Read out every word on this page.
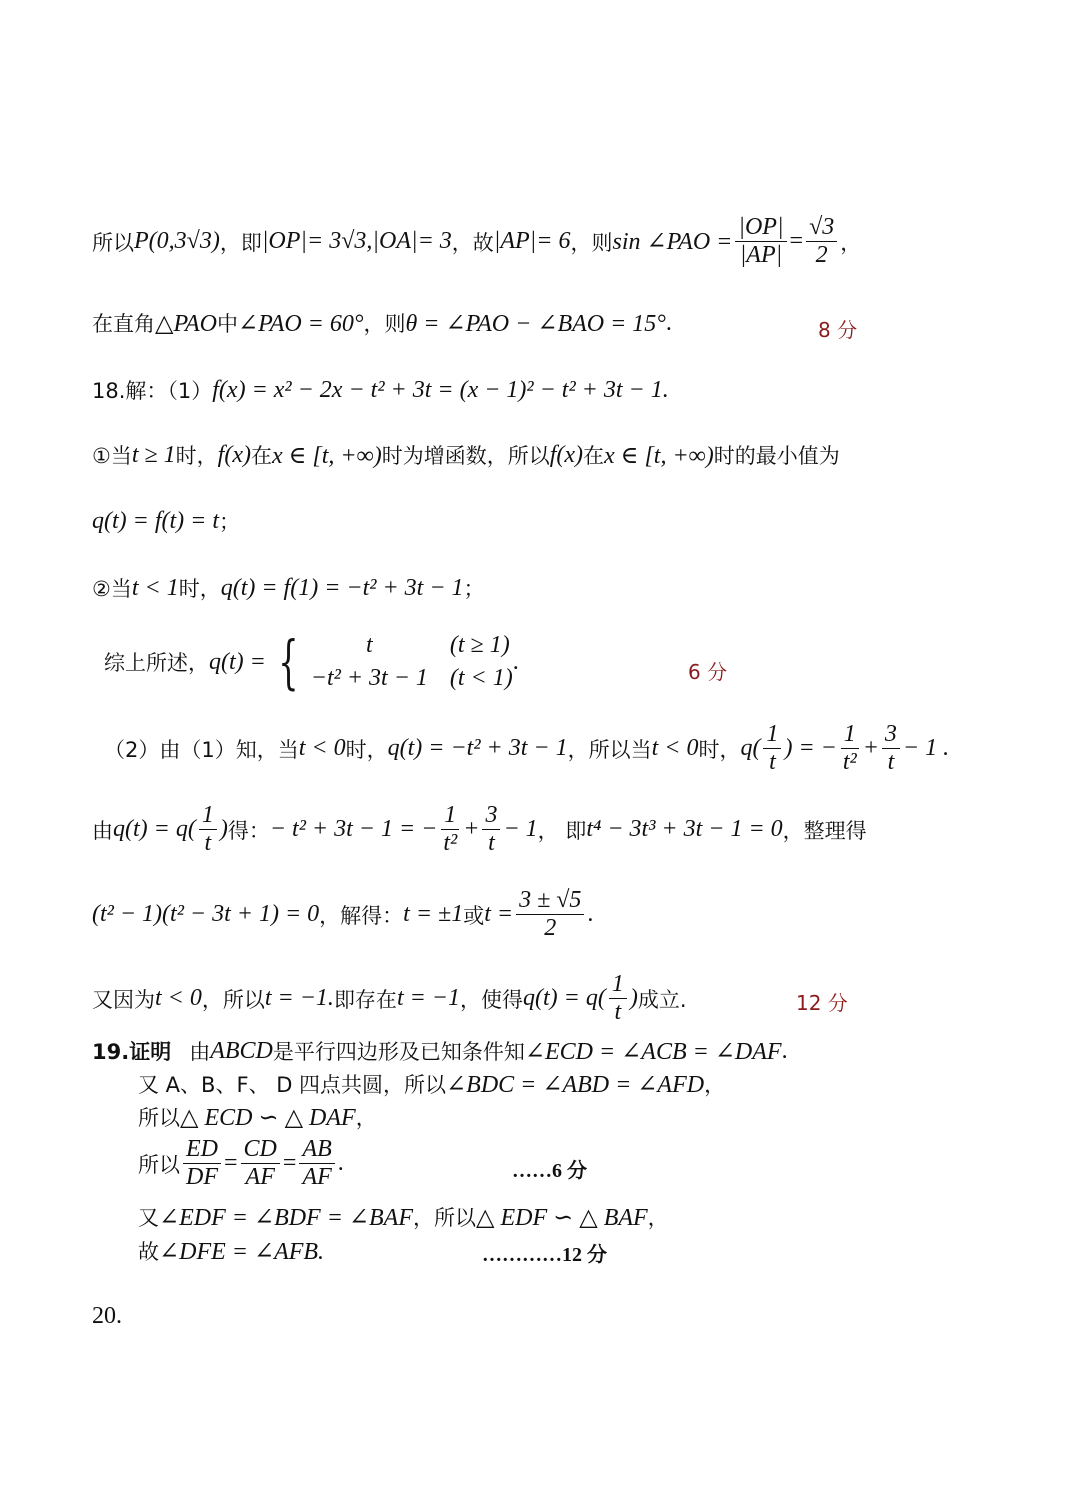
所以 P(0,3√3) ，即 |OP|= 3√3,|OA|= 3 ，故 |AP|= 6 ，则 sin ∠PAO = $\frac{|OP|}{|AP|} = \frac{√3}{2}$ ，
在直角 △PAO 中 ∠PAO = 60° ，则 θ = ∠PAO − ∠BAO = 15° .	8 分
18.解：（1） f(x) = x² − 2x − t² + 3t = (x − 1)² − t² + 3t − 1.
①当 t ≥ 1 时， f(x) 在 x ∈ [t, +∞) 时为增函数，所以 f(x) 在 x ∈ [t, +∞) 时的最小值为
q(t) = f(t) = t ；
②当 t < 1 时， q(t) = f(1) = −t² + 3t − 1 ；
综上所述， q(t) = {	t	(t ≥ 1)
−t² + 3t − 1 (t < 1)
.	6 分
（2）由（1）知，当 t < 0 时， q(t) = −t² + 3t − 1 ，所以当 t < 0 时， $q( \frac{1}{t}$ ) = − $\frac{1}{\text{t²}} + \frac{3}{t} - 1$ .
由 $q(t) = q( \frac{1}{t}$ ) 得： − t² + 3t − 1 = − $\frac{1}{\text{t²}} + \frac{3}{t} - 1$ ， 即 t⁴ − 3t³ + 3t − 1 = 0 ，整理得
(t² − 1)(t² − 3t + 1) = 0 ，解得： t = ±1 或 $t = \frac{3 \pm √5}{2}$ .
又因为 t < 0 ，所以 t = −1. 即存在 t = −1 ，使得 $q(t) = q( \frac{1}{t}$ ) 成立.	12 分
19.证明 由 ABCD 是平行四边形及已知条件知 ∠ECD = ∠ACB = ∠DAF .
又 A、B、F、 D 四点共圆，所以 ∠BDC = ∠ABD = ∠AFD ，
所以 △ ECD ∽ △ DAF ，
所以 $\frac{ED}{DF} = \frac{CD}{AF} = \frac{AB}{AF}$ .	……6 分
又 ∠EDF = ∠BDF = ∠BAF ，所以 △ EDF ∽ △ BAF ，
故 ∠DFE = ∠AFB.	…………12 分
20.
